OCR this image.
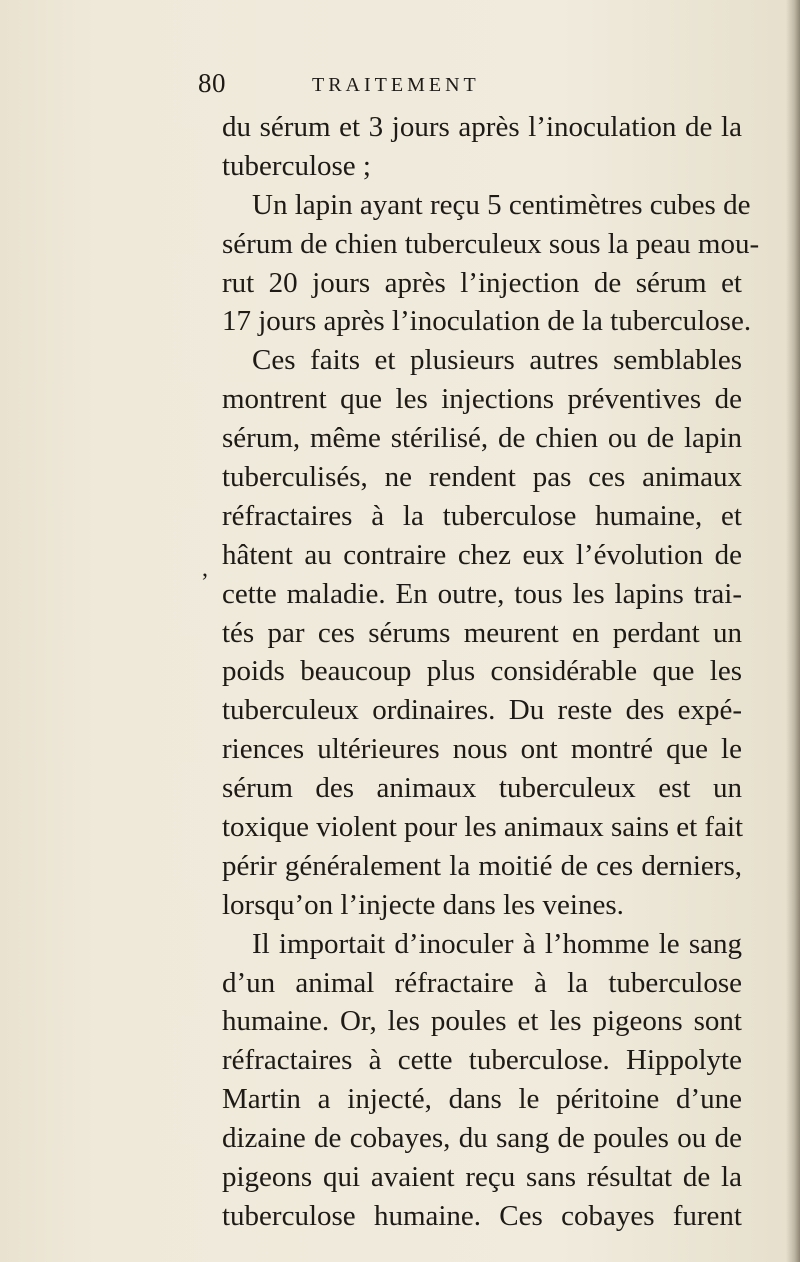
80	TRAITEMENT
,
du sérum et 3 jours après l’inoculation de la
tuberculose ;
Un lapin ayant reçu 5 centimètres cubes de
sérum de chien tuberculeux sous la peau mou-
rut 20 jours après l’injection de sérum et
17 jours après l’inoculation de la tuberculose.
Ces faits et plusieurs autres semblables
montrent que les injections préventives de
sérum, même stérilisé, de chien ou de lapin
tuberculisés, ne rendent pas ces animaux
réfractaires à la tuberculose humaine, et
hâtent au contraire chez eux l’évolution de
cette maladie. En outre, tous les lapins trai-
tés par ces sérums meurent en perdant un
poids beaucoup plus considérable que les
tuberculeux ordinaires. Du reste des expé-
riences ultérieures nous ont montré que le
sérum des animaux tuberculeux est un
toxique violent pour les animaux sains et fait
périr généralement la moitié de ces derniers,
lorsqu’on l’injecte dans les veines.
Il importait d’inoculer à l’homme le sang
d’un animal réfractaire à la tuberculose
humaine. Or, les poules et les pigeons sont
réfractaires à cette tuberculose. Hippolyte
Martin a injecté, dans le péritoine d’une
dizaine de cobayes, du sang de poules ou de
pigeons qui avaient reçu sans résultat de la
tuberculose humaine. Ces cobayes furent
